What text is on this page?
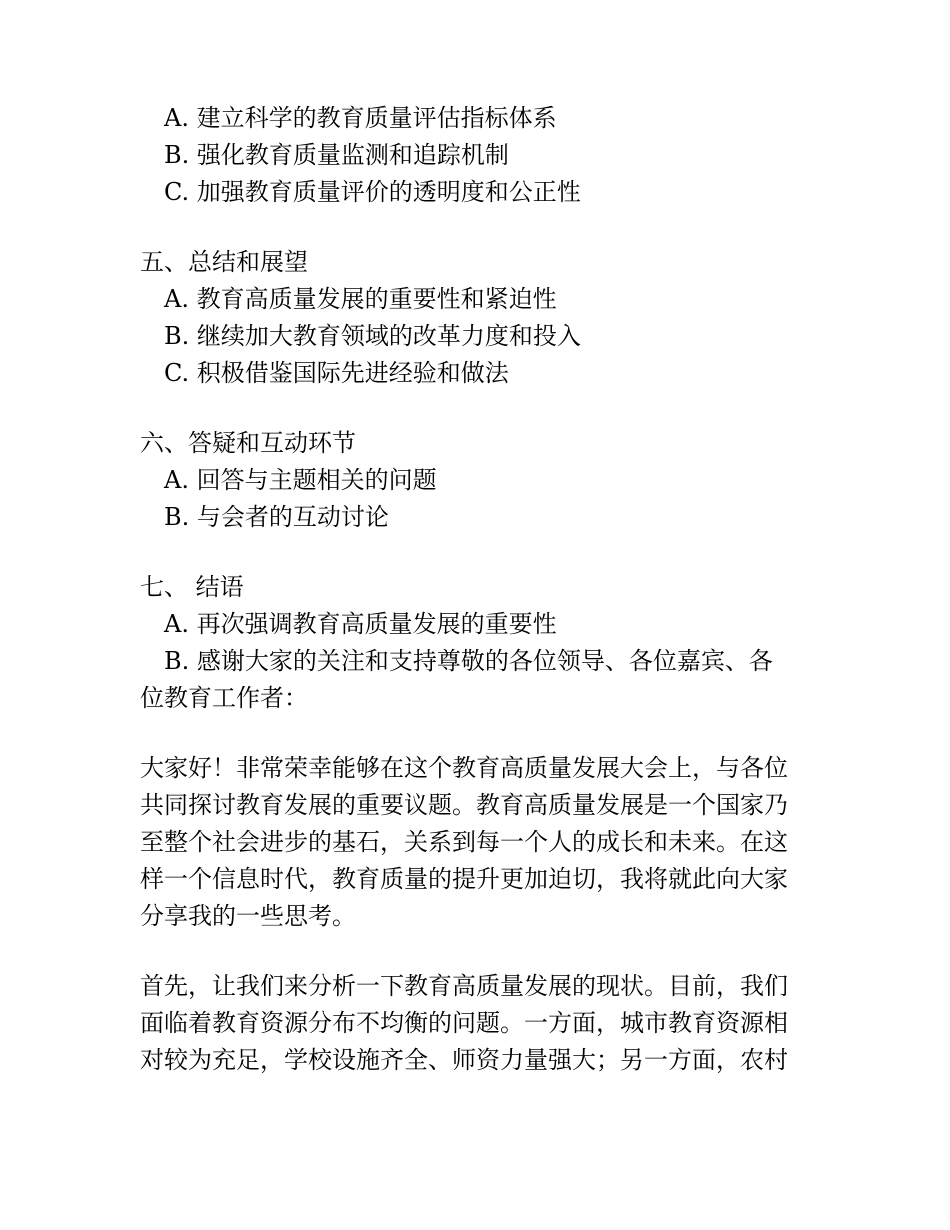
A. 建立科学的教育质量评估指标体系
B. 强化教育质量监测和追踪机制
C. 加强教育质量评价的透明度和公正性
五、总结和展望
A. 教育高质量发展的重要性和紧迫性
B. 继续加大教育领域的改革力度和投入
C. 积极借鉴国际先进经验和做法
六、答疑和互动环节
A. 回答与主题相关的问题
B. 与会者的互动讨论
七、 结语
A. 再次强调教育高质量发展的重要性
B. 感谢大家的关注和支持尊敬的各位领导、各位嘉宾、各
位教育工作者：
大家好！非常荣幸能够在这个教育高质量发展大会上，与各位
共同探讨教育发展的重要议题。教育高质量发展是一个国家乃
至整个社会进步的基石，关系到每一个人的成长和未来。在这
样一个信息时代，教育质量的提升更加迫切，我将就此向大家
分享我的一些思考。
首先，让我们来分析一下教育高质量发展的现状。目前，我们
面临着教育资源分布不均衡的问题。一方面，城市教育资源相
对较为充足，学校设施齐全、师资力量强大；另一方面，农村
